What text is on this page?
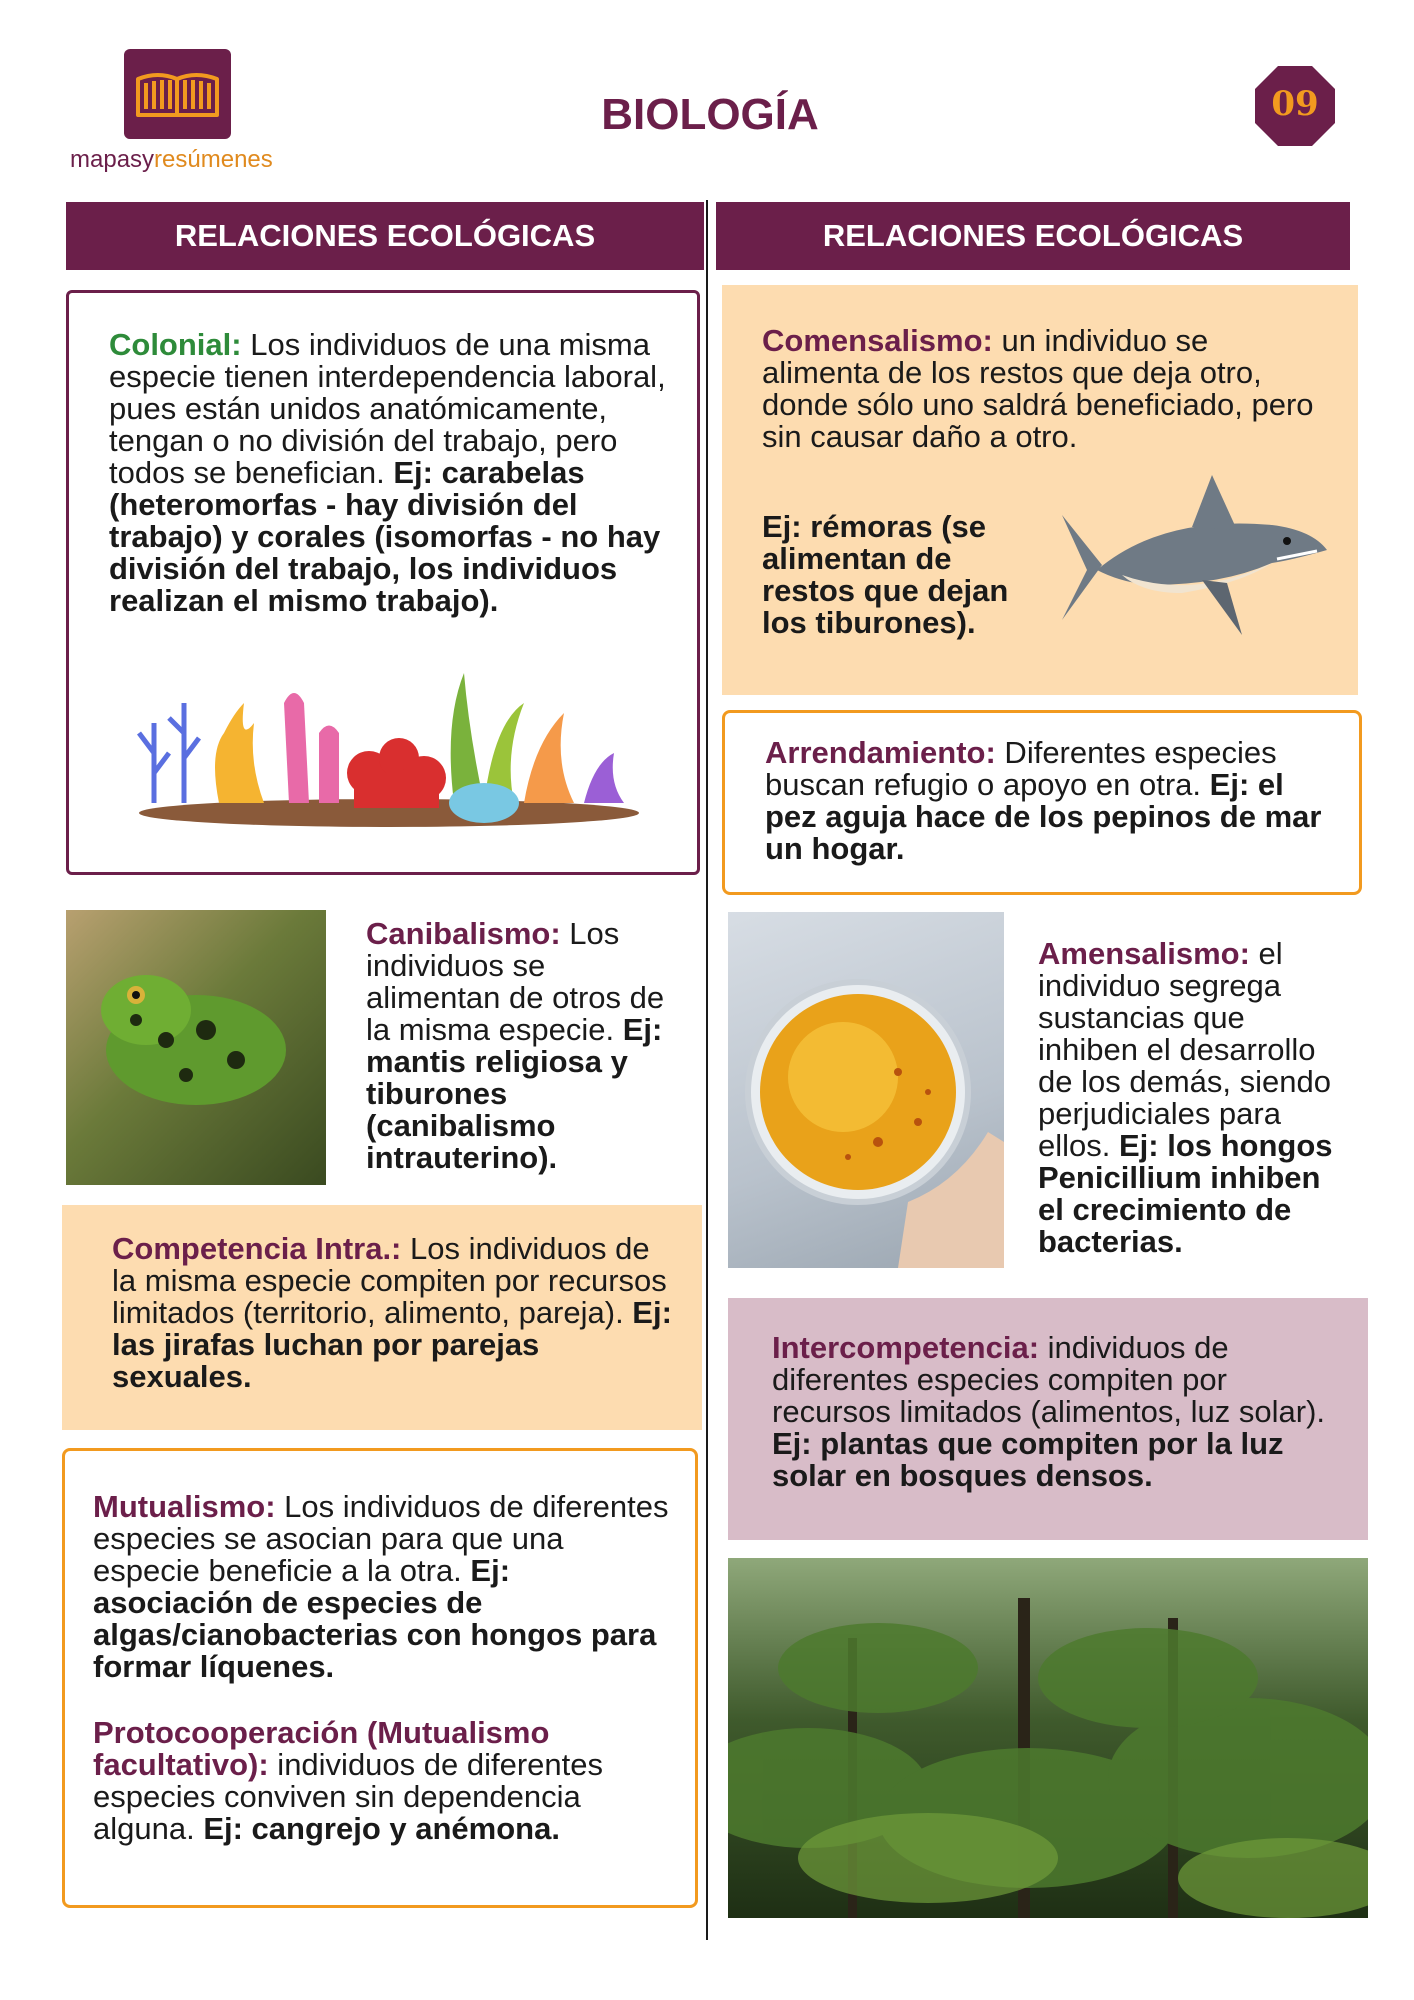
mapasyresúmenes
BIOLOGÍA	09
RELACIONES ECOLÓGICAS	RELACIONES ECOLÓGICAS

Colonial: Los individuos de una misma especie tienen interdependencia laboral, pues están unidos anatómicamente, tengan o no división del trabajo, pero todos se benefician. Ej: carabelas (heteromorfas - hay división del trabajo) y corales (isomorfas - no hay división del trabajo, los individuos realizan el mismo trabajo).

Canibalismo: Los individuos se alimentan de otros de la misma especie. Ej: mantis religiosa y tiburones (canibalismo intrauterino).

Competencia Intra.: Los individuos de la misma especie compiten por recursos limitados (territorio, alimento, pareja). Ej: las jirafas luchan por parejas sexuales.

Mutualismo: Los individuos de diferentes especies se asocian para que una especie beneficie a la otra. Ej: asociación de especies de algas/cianobacterias con hongos para formar líquenes.

Protocooperación (Mutualismo facultativo): individuos de diferentes especies conviven sin dependencia alguna. Ej: cangrejo y anémona.

Comensalismo: un individuo se alimenta de los restos que deja otro, donde sólo uno saldrá beneficiado, pero sin causar daño a otro.

Ej: rémoras (se alimentan de restos que dejan los tiburones).

Arrendamiento: Diferentes especies buscan refugio o apoyo en otra. Ej: el pez aguja hace de los pepinos de mar un hogar.

Amensalismo: el individuo segrega sustancias que inhiben el desarrollo de los demás, siendo perjudiciales para ellos. Ej: los hongos Penicillium inhiben el crecimiento de bacterias.

Intercompetencia: individuos de diferentes especies compiten por recursos limitados (alimentos, luz solar). Ej: plantas que compiten por la luz solar en bosques densos.
